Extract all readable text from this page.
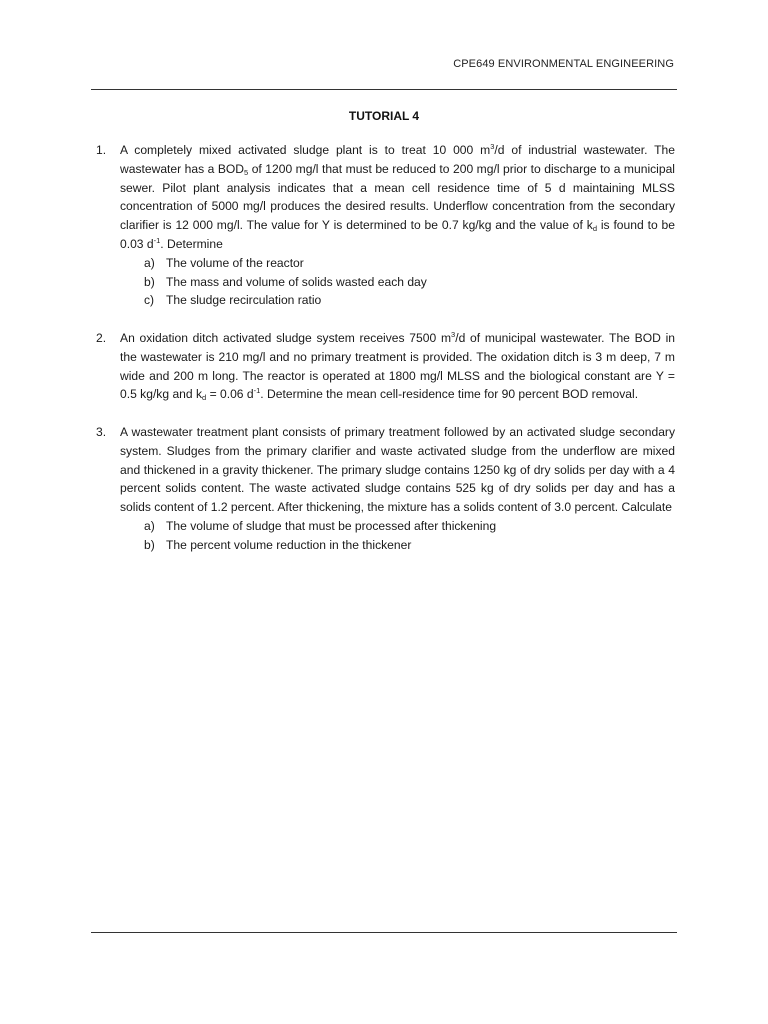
CPE649 ENVIRONMENTAL ENGINEERING
TUTORIAL 4
1. A completely mixed activated sludge plant is to treat 10 000 $m^3/d$ of industrial wastewater. The wastewater has a $BOD_5$ of 1200 mg/l that must be reduced to 200 mg/l prior to discharge to a municipal sewer. Pilot plant analysis indicates that a mean cell residence time of 5 d maintaining MLSS concentration of 5000 mg/l produces the desired results. Underflow concentration from the secondary clarifier is 12 000 mg/l. The value for Y is determined to be 0.7 kg/kg and the value of $k_d$ is found to be 0.03 $d^{-1}$. Determine
a) The volume of the reactor
b) The mass and volume of solids wasted each day
c) The sludge recirculation ratio
2. An oxidation ditch activated sludge system receives 7500 $m^3/d$ of municipal wastewater. The BOD in the wastewater is 210 mg/l and no primary treatment is provided. The oxidation ditch is 3 m deep, 7 m wide and 200 m long. The reactor is operated at 1800 mg/l MLSS and the biological constant are Y = 0.5 kg/kg and $k_d = 0.06$ $d^{-1}$. Determine the mean cell-residence time for 90 percent BOD removal.
3. A wastewater treatment plant consists of primary treatment followed by an activated sludge secondary system. Sludges from the primary clarifier and waste activated sludge from the underflow are mixed and thickened in a gravity thickener. The primary sludge contains 1250 kg of dry solids per day with a 4 percent solids content. The waste activated sludge contains 525 kg of dry solids per day and has a solids content of 1.2 percent. After thickening, the mixture has a solids content of 3.0 percent. Calculate
a) The volume of sludge that must be processed after thickening
b) The percent volume reduction in the thickener
